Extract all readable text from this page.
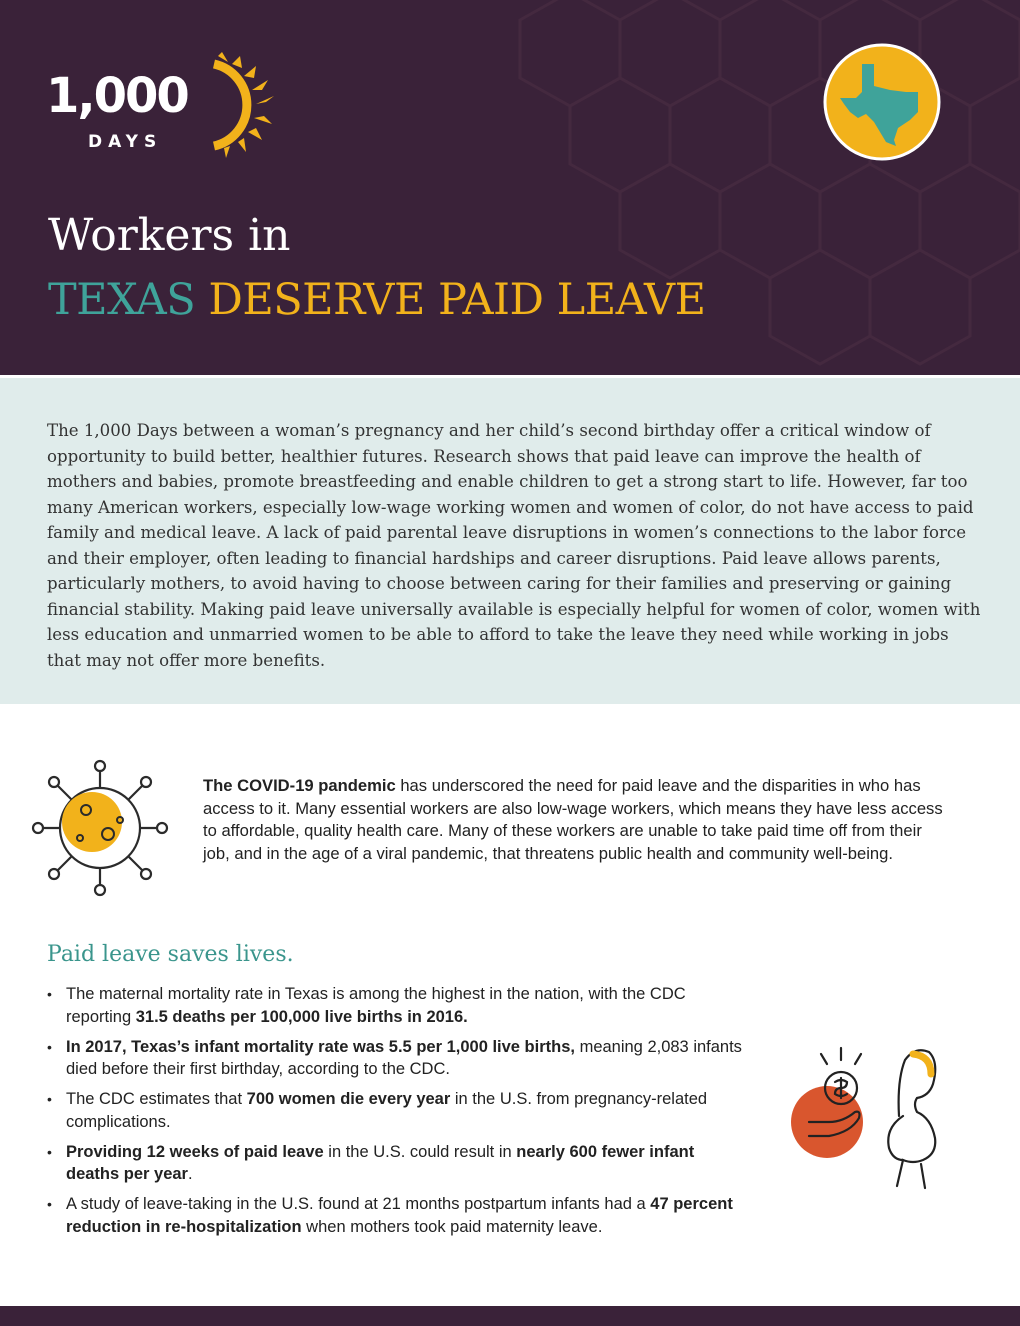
1,000
DAYS
Workers in
TEXAS DESERVE PAID LEAVE

The 1,000 Days between a woman’s pregnancy and her child’s second birthday offer a critical window of opportunity to build better, healthier futures. Research shows that paid leave can improve the health of mothers and babies, promote breastfeeding and enable children to get a strong start to life. However, far too many American workers, especially low-wage working women and women of color, do not have access to paid family and medical leave. A lack of paid parental leave disruptions in women’s connections to the labor force and their employer, often leading to financial hardships and career disruptions. Paid leave allows parents, particularly mothers, to avoid having to choose between caring for their families and preserving or gaining financial stability. Making paid leave universally available is especially helpful for women of color, women with less education and unmarried women to be able to afford to take the leave they need while working in jobs that may not offer more benefits.

The COVID-19 pandemic has underscored the need for paid leave and the disparities in who has access to it. Many essential workers are also low-wage workers, which means they have less access to affordable, quality health care. Many of these workers are unable to take paid time off from their job, and in the age of a viral pandemic, that threatens public health and community well-being.

Paid leave saves lives.
• The maternal mortality rate in Texas is among the highest in the nation, with the CDC reporting 31.5 deaths per 100,000 live births in 2016.
• In 2017, Texas’s infant mortality rate was 5.5 per 1,000 live births, meaning 2,083 infants died before their first birthday, according to the CDC.
• The CDC estimates that 700 women die every year in the U.S. from pregnancy-related complications.
• Providing 12 weeks of paid leave in the U.S. could result in nearly 600 fewer infant deaths per year.
• A study of leave-taking in the U.S. found at 21 months postpartum infants had a 47 percent reduction in re-hospitalization when mothers took paid maternity leave.
